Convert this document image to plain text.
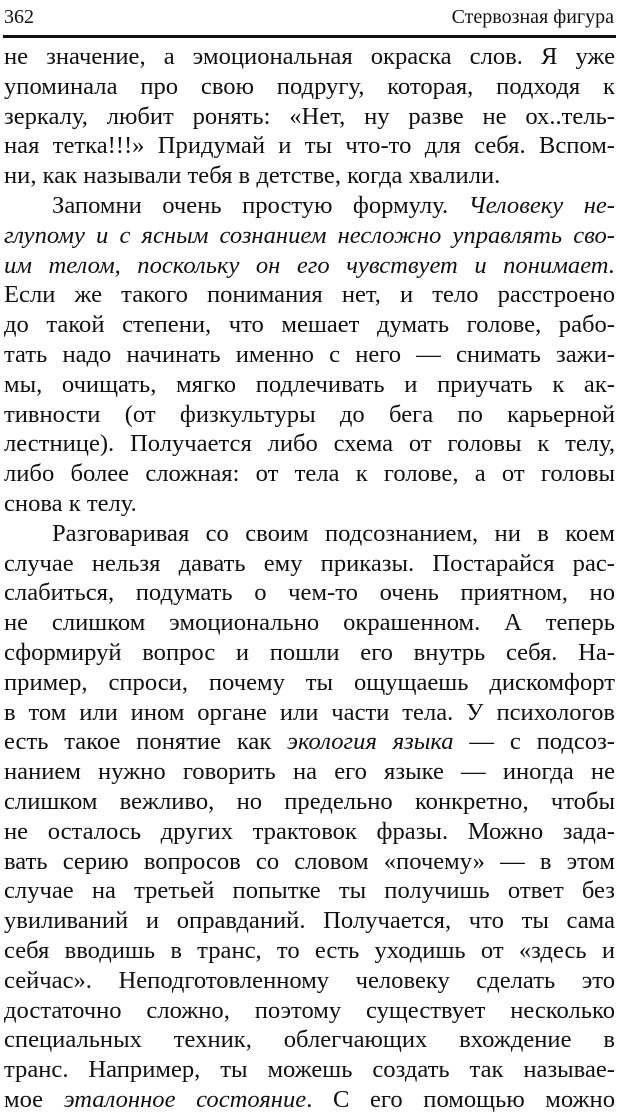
362	Стервозная фигура
не значение, а эмоциональная окраска слов. Я уже
упоминала про свою подругу, которая, подходя к
зеркалу, любит ронять: «Нет, ну разве не ох..тель-
ная тетка!!!» Придумай и ты что-то для себя. Вспом-
ни, как называли тебя в детстве, когда хвалили.
Запомни очень простую формулу. Человеку не-
глупому и с ясным сознанием несложно управлять сво-
им телом, поскольку он его чувствует и понимает.
Если же такого понимания нет, и тело расстроено
до такой степени, что мешает думать голове, рабо-
тать надо начинать именно с него — снимать зажи-
мы, очищать, мягко подлечивать и приучать к ак-
тивности (от физкультуры до бега по карьерной
лестнице). Получается либо схема от головы к телу,
либо более сложная: от тела к голове, а от головы
снова к телу.
Разговаривая со своим подсознанием, ни в коем
случае нельзя давать ему приказы. Постарайся рас-
слабиться, подумать о чем-то очень приятном, но
не слишком эмоционально окрашенном. А теперь
сформируй вопрос и пошли его внутрь себя. На-
пример, спроси, почему ты ощущаешь дискомфорт
в том или ином органе или части тела. У психологов
есть такое понятие как экология языка — с подсоз-
нанием нужно говорить на его языке — иногда не
слишком вежливо, но предельно конкретно, чтобы
не осталось других трактовок фразы. Можно зада-
вать серию вопросов со словом «почему» — в этом
случае на третьей попытке ты получишь ответ без
увиливаний и оправданий. Получается, что ты сама
себя вводишь в транс, то есть уходишь от «здесь и
сейчас». Неподготовленному человеку сделать это
достаточно сложно, поэтому существует несколько
специальных техник, облегчающих вхождение в
транс. Например, ты можешь создать так называе-
мое эталонное состояние. С его помощью можно
